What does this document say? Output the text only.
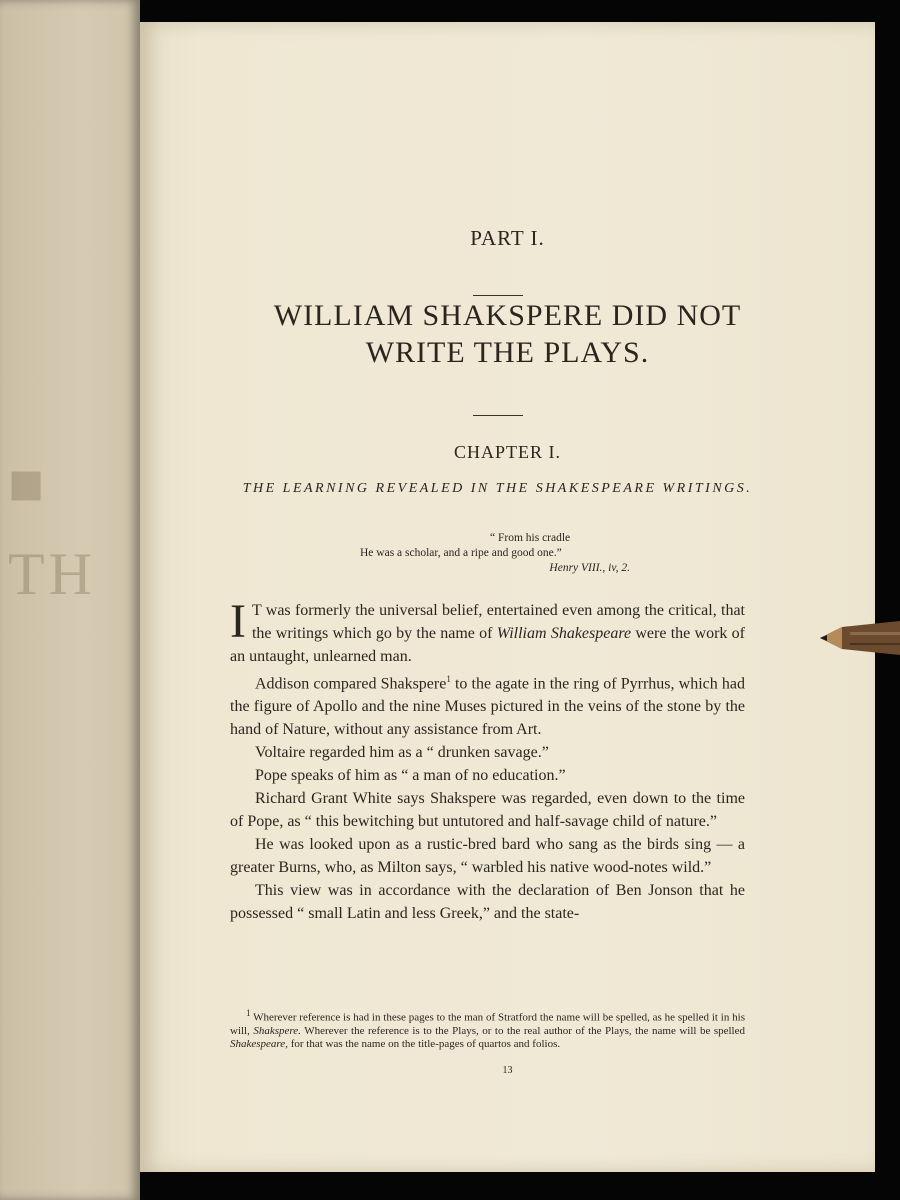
■
TH
PART I.
WILLIAM SHAKSPERE DID NOT
WRITE THE PLAYS.
CHAPTER I.
THE LEARNING REVEALED IN THE SHAKESPEARE WRITINGS.
“ From his cradle
He was a scholar, and a ripe and good one.”
Henry VIII., iv, 2.

I T was formerly the universal belief, entertained even among the critical, that the writings which go by the name of William Shakespeare were the work of an untaught, unlearned man.

Addison compared Shakspere$^1$ to the agate in the ring of Pyrrhus, which had the figure of Apollo and the nine Muses pictured in the veins of the stone by the hand of Nature, without any assistance from Art.

Voltaire regarded him as a “ drunken savage.”

Pope speaks of him as “ a man of no education.”

Richard Grant White says Shakspere was regarded, even down to the time of Pope, as “ this bewitching but untutored and half-savage child of nature.”

He was looked upon as a rustic-bred bard who sang as the birds sing — a greater Burns, who, as Milton says, “ warbled his native wood-notes wild.”

This view was in accordance with the declaration of Ben Jonson that he possessed “ small Latin and less Greek,” and the state-

$^1$ Wherever reference is had in these pages to the man of Stratford the name will be spelled, as he spelled it in his will, Shakspere. Wherever the reference is to the Plays, or to the real author of the Plays, the name will be spelled Shakespeare, for that was the name on the title-pages of quartos and folios.

13
